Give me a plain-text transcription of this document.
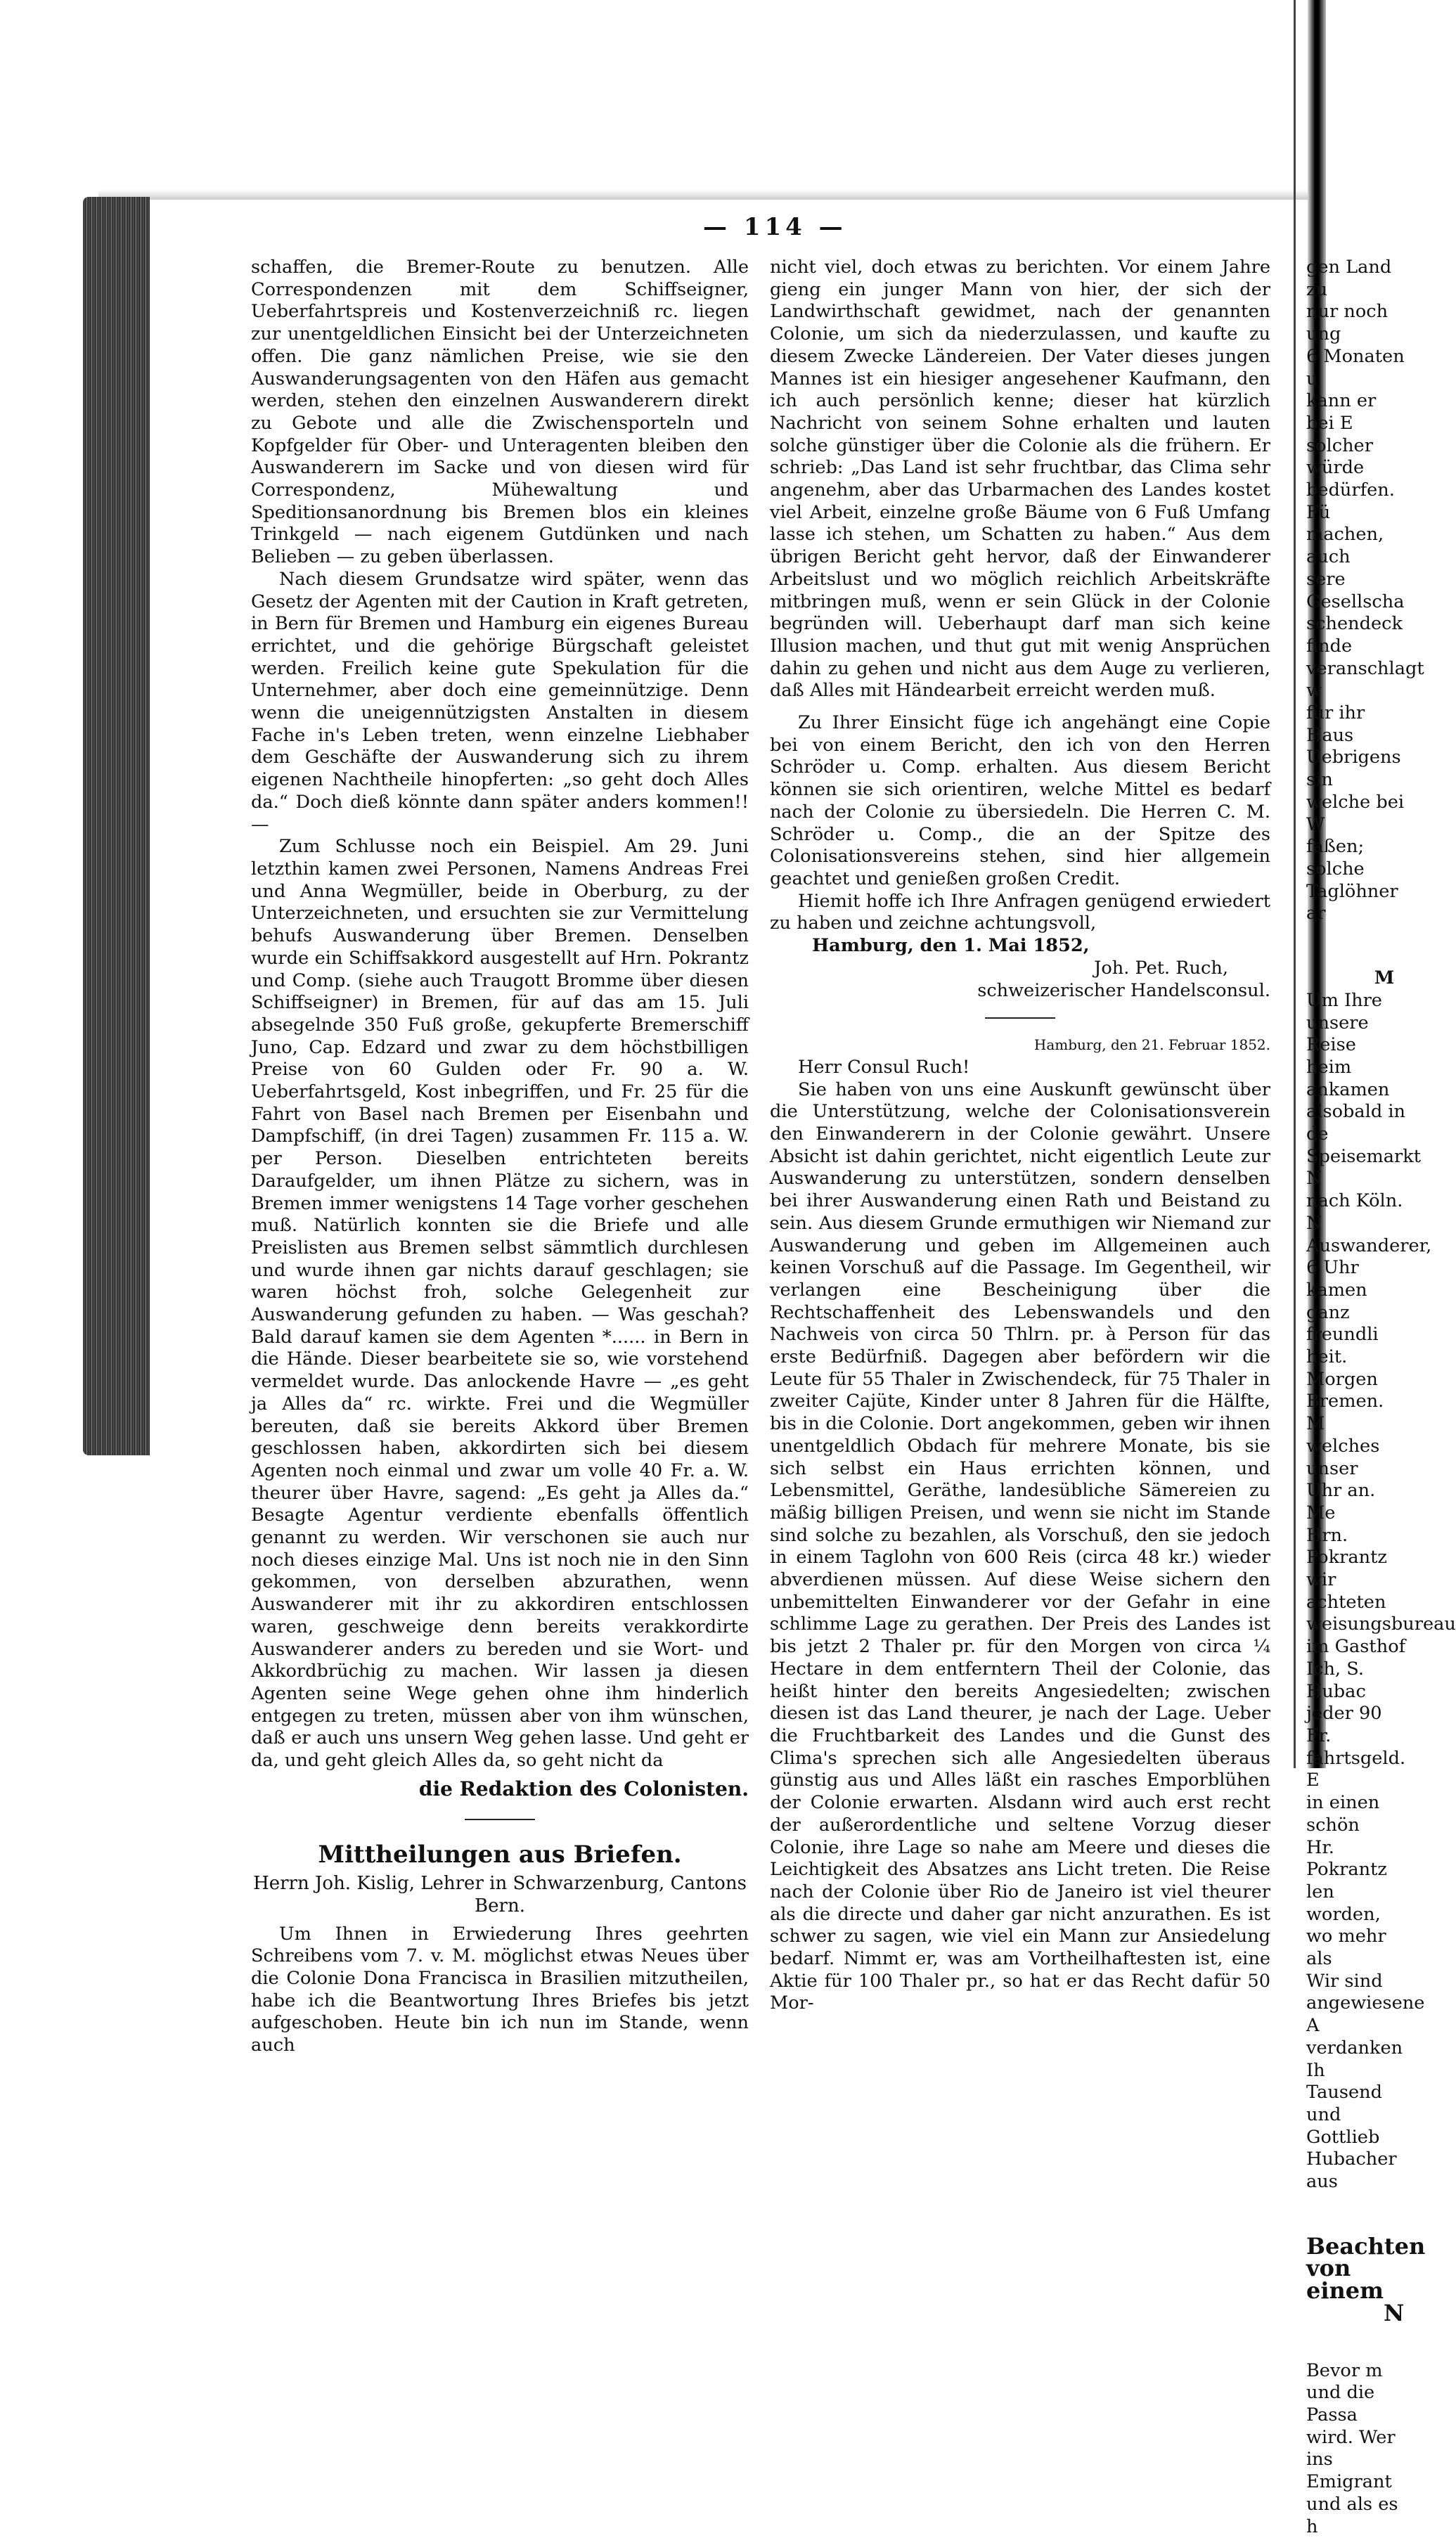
— 114 —

schaffen, die Bremer-Route zu benutzen. Alle Correspondenzen mit dem Schiffseigner, Ueberfahrtspreis und Kostenverzeichniß rc. liegen zur unentgeldlichen Einsicht bei der Unterzeichneten offen. Die ganz nämlichen Preise, wie sie den Auswanderungsagenten von den Häfen aus gemacht werden, stehen den einzelnen Auswanderern direkt zu Gebote und alle die Zwischensporteln und Kopfgelder für Ober- und Unteragenten bleiben den Auswanderern im Sacke und von diesen wird für Correspondenz, Mühewaltung und Speditionsanordnung bis Bremen blos ein kleines Trinkgeld — nach eigenem Gutdünken und nach Belieben — zu geben überlassen.

Nach diesem Grundsatze wird später, wenn das Gesetz der Agenten mit der Caution in Kraft getreten, in Bern für Bremen und Hamburg ein eigenes Bureau errichtet, und die gehörige Bürgschaft geleistet werden. Freilich keine gute Spekulation für die Unternehmer, aber doch eine gemeinnützige. Denn wenn die uneigennützigsten Anstalten in diesem Fache in's Leben treten, wenn einzelne Liebhaber dem Geschäfte der Auswanderung sich zu ihrem eigenen Nachtheile hinopferten: „so geht doch Alles da.“ Doch dieß könnte dann später anders kommen!! —

Zum Schlusse noch ein Beispiel. Am 29. Juni letzthin kamen zwei Personen, Namens Andreas Frei und Anna Wegmüller, beide in Oberburg, zu der Unterzeichneten, und ersuchten sie zur Vermittelung behufs Auswanderung über Bremen. Denselben wurde ein Schiffsakkord ausgestellt auf Hrn. Pokrantz und Comp. (siehe auch Traugott Bromme über diesen Schiffseigner) in Bremen, für auf das am 15. Juli absegelnde 350 Fuß große, gekupferte Bremerschiff Juno, Cap. Edzard und zwar zu dem höchstbilligen Preise von 60 Gulden oder Fr. 90 a. W. Ueberfahrtsgeld, Kost inbegriffen, und Fr. 25 für die Fahrt von Basel nach Bremen per Eisenbahn und Dampfschiff, (in drei Tagen) zusammen Fr. 115 a. W. per Person. Dieselben entrichteten bereits Daraufgelder, um ihnen Plätze zu sichern, was in Bremen immer wenigstens 14 Tage vorher geschehen muß. Natürlich konnten sie die Briefe und alle Preislisten aus Bremen selbst sämmtlich durchlesen und wurde ihnen gar nichts darauf geschlagen; sie waren höchst froh, solche Gelegenheit zur Auswanderung gefunden zu haben. — Was geschah? Bald darauf kamen sie dem Agenten *...... in Bern in die Hände. Dieser bearbeitete sie so, wie vorstehend vermeldet wurde. Das anlockende Havre — „es geht ja Alles da“ rc. wirkte. Frei und die Wegmüller bereuten, daß sie bereits Akkord über Bremen geschlossen haben, akkordirten sich bei diesem Agenten noch einmal und zwar um volle 40 Fr. a. W. theurer über Havre, sagend: „Es geht ja Alles da.“ Besagte Agentur verdiente ebenfalls öffentlich genannt zu werden. Wir verschonen sie auch nur noch dieses einzige Mal. Uns ist noch nie in den Sinn gekommen, von derselben abzurathen, wenn Auswanderer mit ihr zu akkordiren entschlossen waren, geschweige denn bereits verakkordirte Auswanderer anders zu bereden und sie Wort- und Akkordbrüchig zu machen. Wir lassen ja diesen Agenten seine Wege gehen ohne ihm hinderlich entgegen zu treten, müssen aber von ihm wünschen, daß er auch uns unsern Weg gehen lasse. Und geht er da, und geht gleich Alles da, so geht nicht da

die Redaktion des Colonisten.

Mittheilungen aus Briefen.

Herrn Joh. Kislig, Lehrer in Schwarzenburg, Cantons Bern.

Um Ihnen in Erwiederung Ihres geehrten Schreibens vom 7. v. M. möglichst etwas Neues über die Colonie Dona Francisca in Brasilien mitzutheilen, habe ich die Beantwortung Ihres Briefes bis jetzt aufgeschoben. Heute bin ich nun im Stande, wenn auch

nicht viel, doch etwas zu berichten. Vor einem Jahre gieng ein junger Mann von hier, der sich der Landwirthschaft gewidmet, nach der genannten Colonie, um sich da niederzulassen, und kaufte zu diesem Zwecke Ländereien. Der Vater dieses jungen Mannes ist ein hiesiger angesehener Kaufmann, den ich auch persönlich kenne; dieser hat kürzlich Nachricht von seinem Sohne erhalten und lauten solche günstiger über die Colonie als die frühern. Er schrieb: „Das Land ist sehr fruchtbar, das Clima sehr angenehm, aber das Urbarmachen des Landes kostet viel Arbeit, einzelne große Bäume von 6 Fuß Umfang lasse ich stehen, um Schatten zu haben.“ Aus dem übrigen Bericht geht hervor, daß der Einwanderer Arbeitslust und wo möglich reichlich Arbeitskräfte mitbringen muß, wenn er sein Glück in der Colonie begründen will. Ueberhaupt darf man sich keine Illusion machen, und thut gut mit wenig Ansprüchen dahin zu gehen und nicht aus dem Auge zu verlieren, daß Alles mit Händearbeit erreicht werden muß.

Zu Ihrer Einsicht füge ich angehängt eine Copie bei von einem Bericht, den ich von den Herren Schröder u. Comp. erhalten. Aus diesem Bericht können sie sich orientiren, welche Mittel es bedarf nach der Colonie zu übersiedeln. Die Herren C. M. Schröder u. Comp., die an der Spitze des Colonisationsvereins stehen, sind hier allgemein geachtet und genießen großen Credit.

Hiemit hoffe ich Ihre Anfragen genügend erwiedert zu haben und zeichne achtungsvoll,

Hamburg, den 1. Mai 1852,

Joh. Pet. Ruch,

schweizerischer Handelsconsul.

Hamburg, den 21. Februar 1852.

Herr Consul Ruch!

Sie haben von uns eine Auskunft gewünscht über die Unterstützung, welche der Colonisationsverein den Einwanderern in der Colonie gewährt. Unsere Absicht ist dahin gerichtet, nicht eigentlich Leute zur Auswanderung zu unterstützen, sondern denselben bei ihrer Auswanderung einen Rath und Beistand zu sein. Aus diesem Grunde ermuthigen wir Niemand zur Auswanderung und geben im Allgemeinen auch keinen Vorschuß auf die Passage. Im Gegentheil, wir verlangen eine Bescheinigung über die Rechtschaffenheit des Lebenswandels und den Nachweis von circa 50 Thlrn. pr. à Person für das erste Bedürfniß. Dagegen aber befördern wir die Leute für 55 Thaler in Zwischendeck, für 75 Thaler in zweiter Cajüte, Kinder unter 8 Jahren für die Hälfte, bis in die Colonie. Dort angekommen, geben wir ihnen unentgeldlich Obdach für mehrere Monate, bis sie sich selbst ein Haus errichten können, und Lebensmittel, Geräthe, landesübliche Sämereien zu mäßig billigen Preisen, und wenn sie nicht im Stande sind solche zu bezahlen, als Vorschuß, den sie jedoch in einem Taglohn von 600 Reis (circa 48 kr.) wieder abverdienen müssen. Auf diese Weise sichern den unbemittelten Einwanderer vor der Gefahr in eine schlimme Lage zu gerathen. Der Preis des Landes ist bis jetzt 2 Thaler pr. für den Morgen von circa ¼ Hectare in dem entferntern Theil der Colonie, das heißt hinter den bereits Angesiedelten; zwischen diesen ist das Land theurer, je nach der Lage. Ueber die Fruchtbarkeit des Landes und die Gunst des Clima's sprechen sich alle Angesiedelten überaus günstig aus und Alles läßt ein rasches Emporblühen der Colonie erwarten. Alsdann wird auch erst recht der außerordentliche und seltene Vorzug dieser Colonie, ihre Lage so nahe am Meere und dieses die Leichtigkeit des Absatzes ans Licht treten. Die Reise nach der Colonie über Rio de Janeiro ist viel theurer als die directe und daher gar nicht anzurathen. Es ist schwer zu sagen, wie viel ein Mann zur Ansiedelung bedarf. Nimmt er, was am Vortheilhaftesten ist, eine Aktie für 100 Thaler pr., so hat er das Recht dafür 50 Mor-

gen Land zu

nur noch ung

6 Monaten u

kann er bei E

solcher würde

bedürfen. Fü

machen, auch

sere Gesellscha

schendeck finde

veranschlagt w

für ihr Haus

Uebrigens sin

welche bei W

faßen; solche

Taglöhner ar

M

Um Ihre

unsere Reise

heim ankamen

alsobald in de

Speisemarkt N

nach Köln. N

Auswanderer,

6 Uhr kamen

ganz freundli

heit. Morgen

Bremen. M

welches unser

Uhr an. Me

Hrn. Pokrantz

wir achteten

weisungsbureau

im Gasthof

Ich, S. Hubac

jeder 90 Fr.

fahrtsgeld. E

in einen schön

Hr. Pokrantz

len worden,

wo mehr als

Wir sind

angewiesene A

verdanken Ih

Tausend

und Gottlieb

Hubacher aus

Beachten

von einem

N

Bevor m

und die Passa

wird. Wer

ins Emigrant

und als es h
